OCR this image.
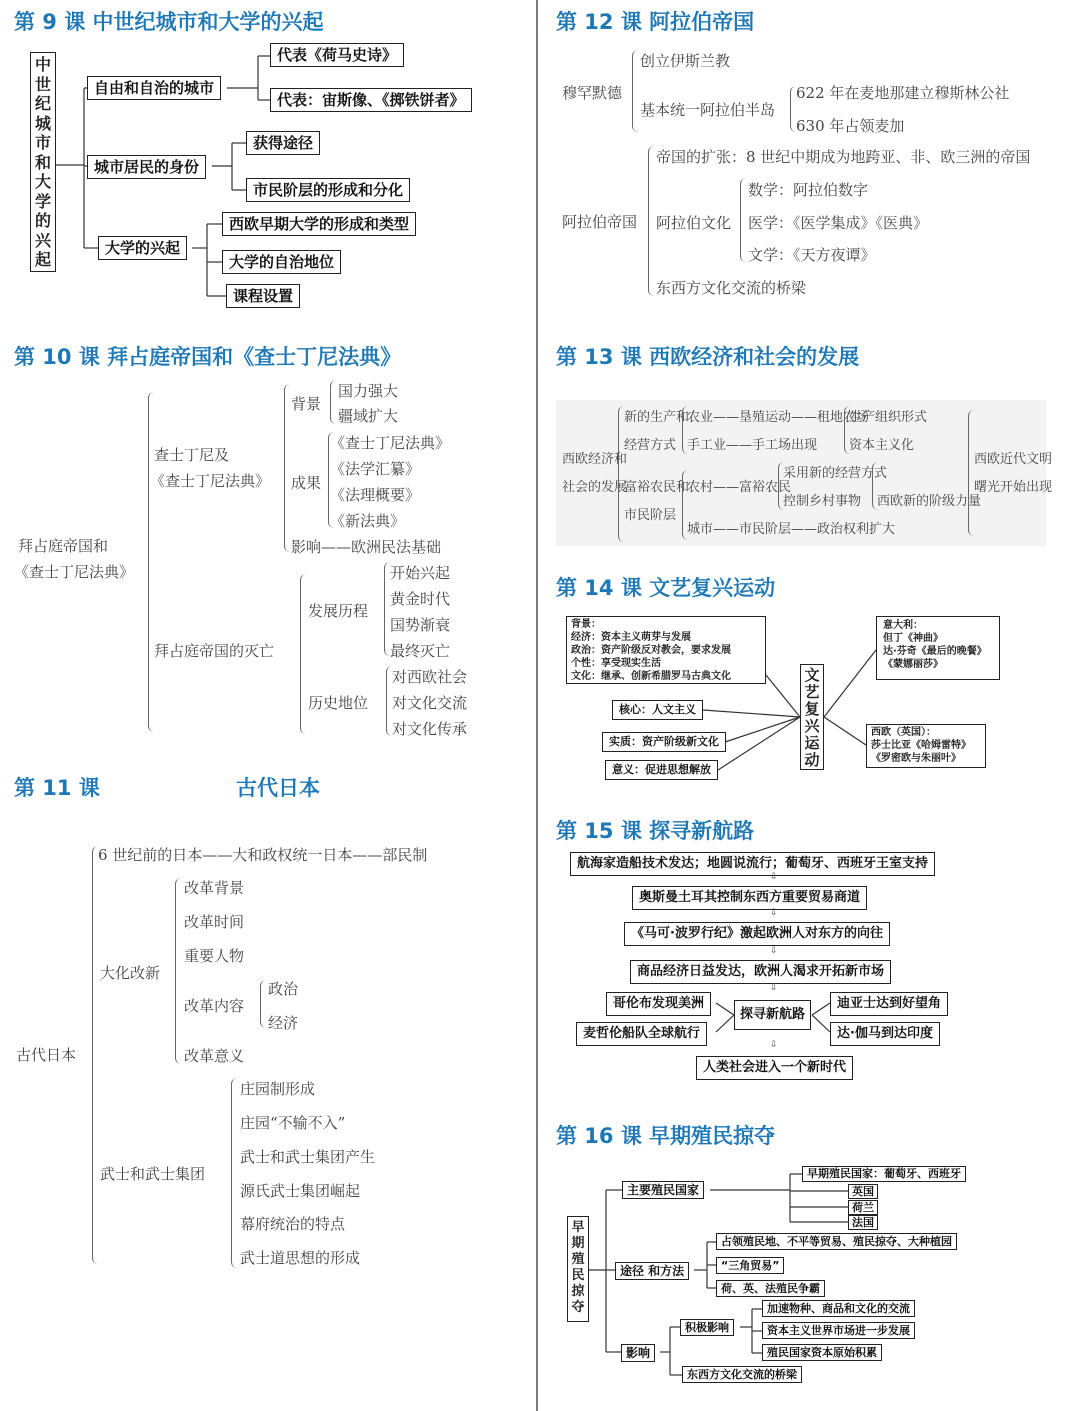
第 9 课 中世纪城市和大学的兴起
中
世
纪
城
市
和
大
学
的
兴
起
自由和自治的城市
代表《荷马史诗》
代表：宙斯像、《掷铁饼者》
城市居民的身份
获得途径
市民阶层的形成和分化
大学的兴起
西欧早期大学的形成和类型
大学的自治地位
课程设置
第 10 课 拜占庭帝国和《查士丁尼法典》
拜占庭帝国和
《查士丁尼法典》
查士丁尼及
《查士丁尼法典》
背景
国力强大
疆域扩大
成果
《查士丁尼法典》
《法学汇纂》
《法理概要》
《新法典》
影响——欧洲民法基础
拜占庭帝国的灭亡
发展历程
开始兴起
黄金时代
国势渐衰
最终灭亡
历史地位
对西欧社会
对文化交流
对文化传承
第 11 课	古代日本
古代日本
6 世纪前的日本——大和政权统一日本——部民制
大化改新
改革背景
改革时间
重要人物
改革内容
政治
经济
改革意义
武士和武士集团
庄园制形成
庄园“不输不入”
武士和武士集团产生
源氏武士集团崛起
幕府统治的特点
武士道思想的形成
第 12 课 阿拉伯帝国
穆罕默德
创立伊斯兰教
基本统一阿拉伯半岛
622 年在麦地那建立穆斯林公社
630 年占领麦加
阿拉伯帝国
帝国的扩张：8 世纪中期成为地跨亚、非、欧三洲的帝国
阿拉伯文化
数学：阿拉伯数字
医学：《医学集成》《医典》
文学：《天方夜谭》
东西方文化交流的桥梁
第 13 课 西欧经济和社会的发展
西欧经济和
社会的发展
新的生产和
经营方式
富裕农民和
市民阶层
农业——垦殖运动——租地农场
手工业——手工场出现
农村——富裕农民
城市——市民阶层——政治权利扩大
生产组织形式
资本主义化
采用新的经营方式
控制乡村事物 西欧新的阶级力量
西欧近代文明
曙光开始出现
第 14 课 文艺复兴运动
背景：
经济：资本主义萌芽与发展
政治：资产阶级反对教会，要求发展
个性：享受现实生活
文化：继承、创新希腊罗马古典文化
核心：人文主义
实质：资产阶级新文化
意义：促进思想解放
文
艺
复
兴
运
动
意大利：
但丁《神曲》
达·芬奇《最后的晚餐》
《蒙娜丽莎》
西欧（英国）：
莎士比亚《哈姆雷特》
《罗密欧与朱丽叶》
第 15 课 探寻新航路
航海家造船技术发达；地圆说流行；葡萄牙、西班牙王室支持
⇩
奥斯曼土耳其控制东西方重要贸易商道
⇩
《马可·波罗行纪》激起欧洲人对东方的向往
⇩
商品经济日益发达，欧洲人渴求开拓新市场
⇩
哥伦布发现美洲
麦哲伦船队全球航行
探寻新航路
迪亚士达到好望角
达·伽马到达印度
⇩
人类社会进入一个新时代
第 16 课 早期殖民掠夺
早
期
殖
民
掠
夺
主要殖民国家
早期殖民国家：葡萄牙、西班牙
英国
荷兰
法国
途径 和方法
占领殖民地、不平等贸易、殖民掠夺、大种植园
“三角贸易”
荷、英、法殖民争霸
影响
积极影响
加速物种、商品和文化的交流
资本主义世界市场进一步发展
殖民国家资本原始积累
东西方文化交流的桥梁
